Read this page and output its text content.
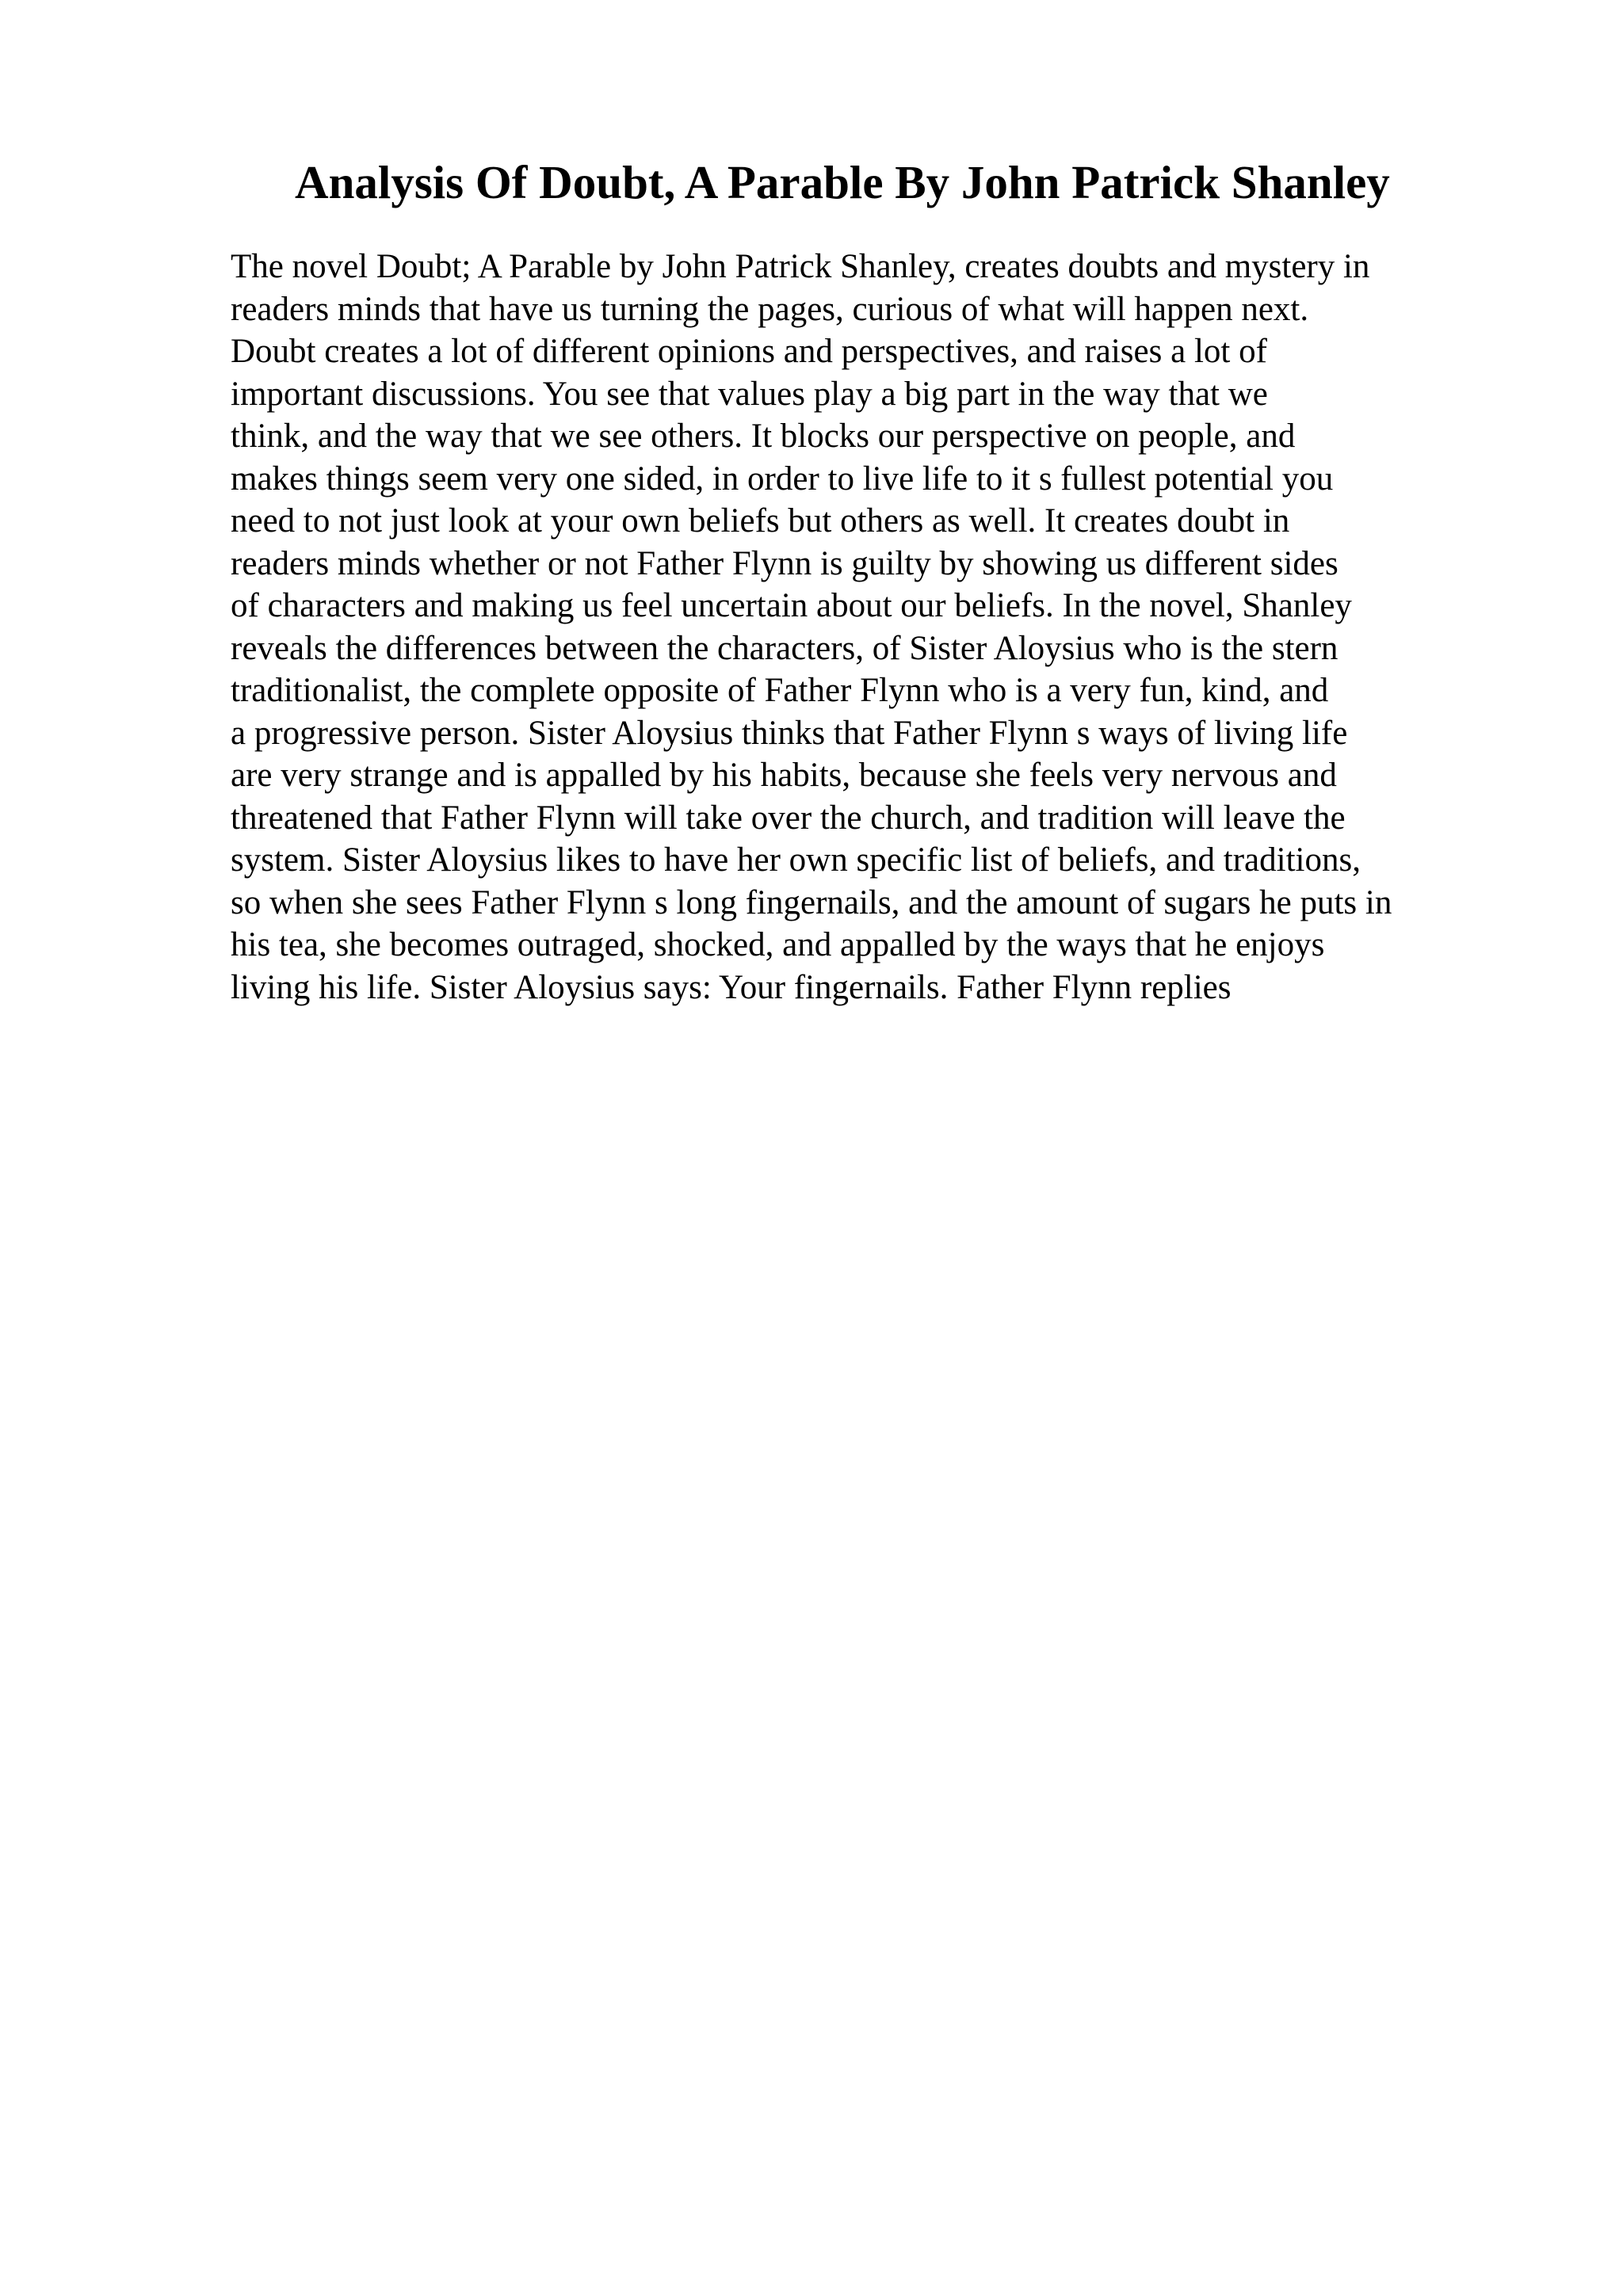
Analysis Of Doubt, A Parable By John Patrick Shanley
The novel Doubt; A Parable by John Patrick Shanley, creates doubts and mystery in
readers minds that have us turning the pages, curious of what will happen next.
Doubt creates a lot of different opinions and perspectives, and raises a lot of
important discussions. You see that values play a big part in the way that we
think, and the way that we see others. It blocks our perspective on people, and
makes things seem very one sided, in order to live life to it s fullest potential you
need to not just look at your own beliefs but others as well. It creates doubt in
readers minds whether or not Father Flynn is guilty by showing us different sides
of characters and making us feel uncertain about our beliefs. In the novel, Shanley
reveals the differences between the characters, of Sister Aloysius who is the stern
traditionalist, the complete opposite of Father Flynn who is a very fun, kind, and
a progressive person. Sister Aloysius thinks that Father Flynn s ways of living life
are very strange and is appalled by his habits, because she feels very nervous and
threatened that Father Flynn will take over the church, and tradition will leave the
system. Sister Aloysius likes to have her own specific list of beliefs, and traditions,
so when she sees Father Flynn s long fingernails, and the amount of sugars he puts in
his tea, she becomes outraged, shocked, and appalled by the ways that he enjoys
living his life. Sister Aloysius says: Your fingernails. Father Flynn replies
